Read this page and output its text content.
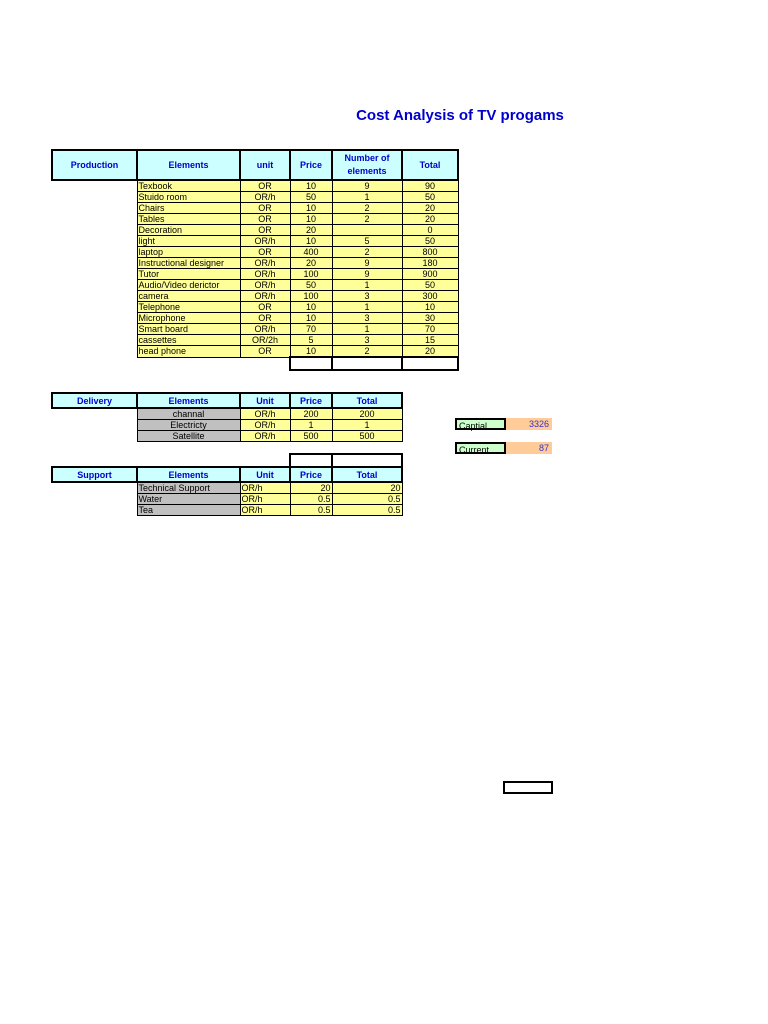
Cost Analysis of TV progams
Production	Elements	unit	Price	Number of elements	Total
	Texbook	OR	10	9	90
	Stuido room	OR/h	50	1	50
	Chairs	OR	10	2	20
	Tables	OR	10	2	20
	Decoration	OR	20		0
	light	OR/h	10	5	50
	laptop	OR	400	2	800
	Instructional designer	OR/h	20	9	180
	Tutor	OR/h	100	9	900
	Audio/Video derictor	OR/h	50	1	50
	camera	OR/h	100	3	300
	Telephone	OR	10	1	10
	Microphone	OR	10	3	30
	Smart board	OR/h	70	1	70
	cassettes	OR/2h	5	3	15
	head phone	OR	10	2	20

Delivery	Elements	Unit	Price	Total
	channal	OR/h	200	200
	Electricty	OR/h	1	1
	Satellite	OR/h	500	500

Support	Elements	Unit	Price	Total
	Technical Support	OR/h	20	20
	Water	OR/h	0.5	0.5
	Tea	OR/h	0.5	0.5
Captial	3326
Current	87
